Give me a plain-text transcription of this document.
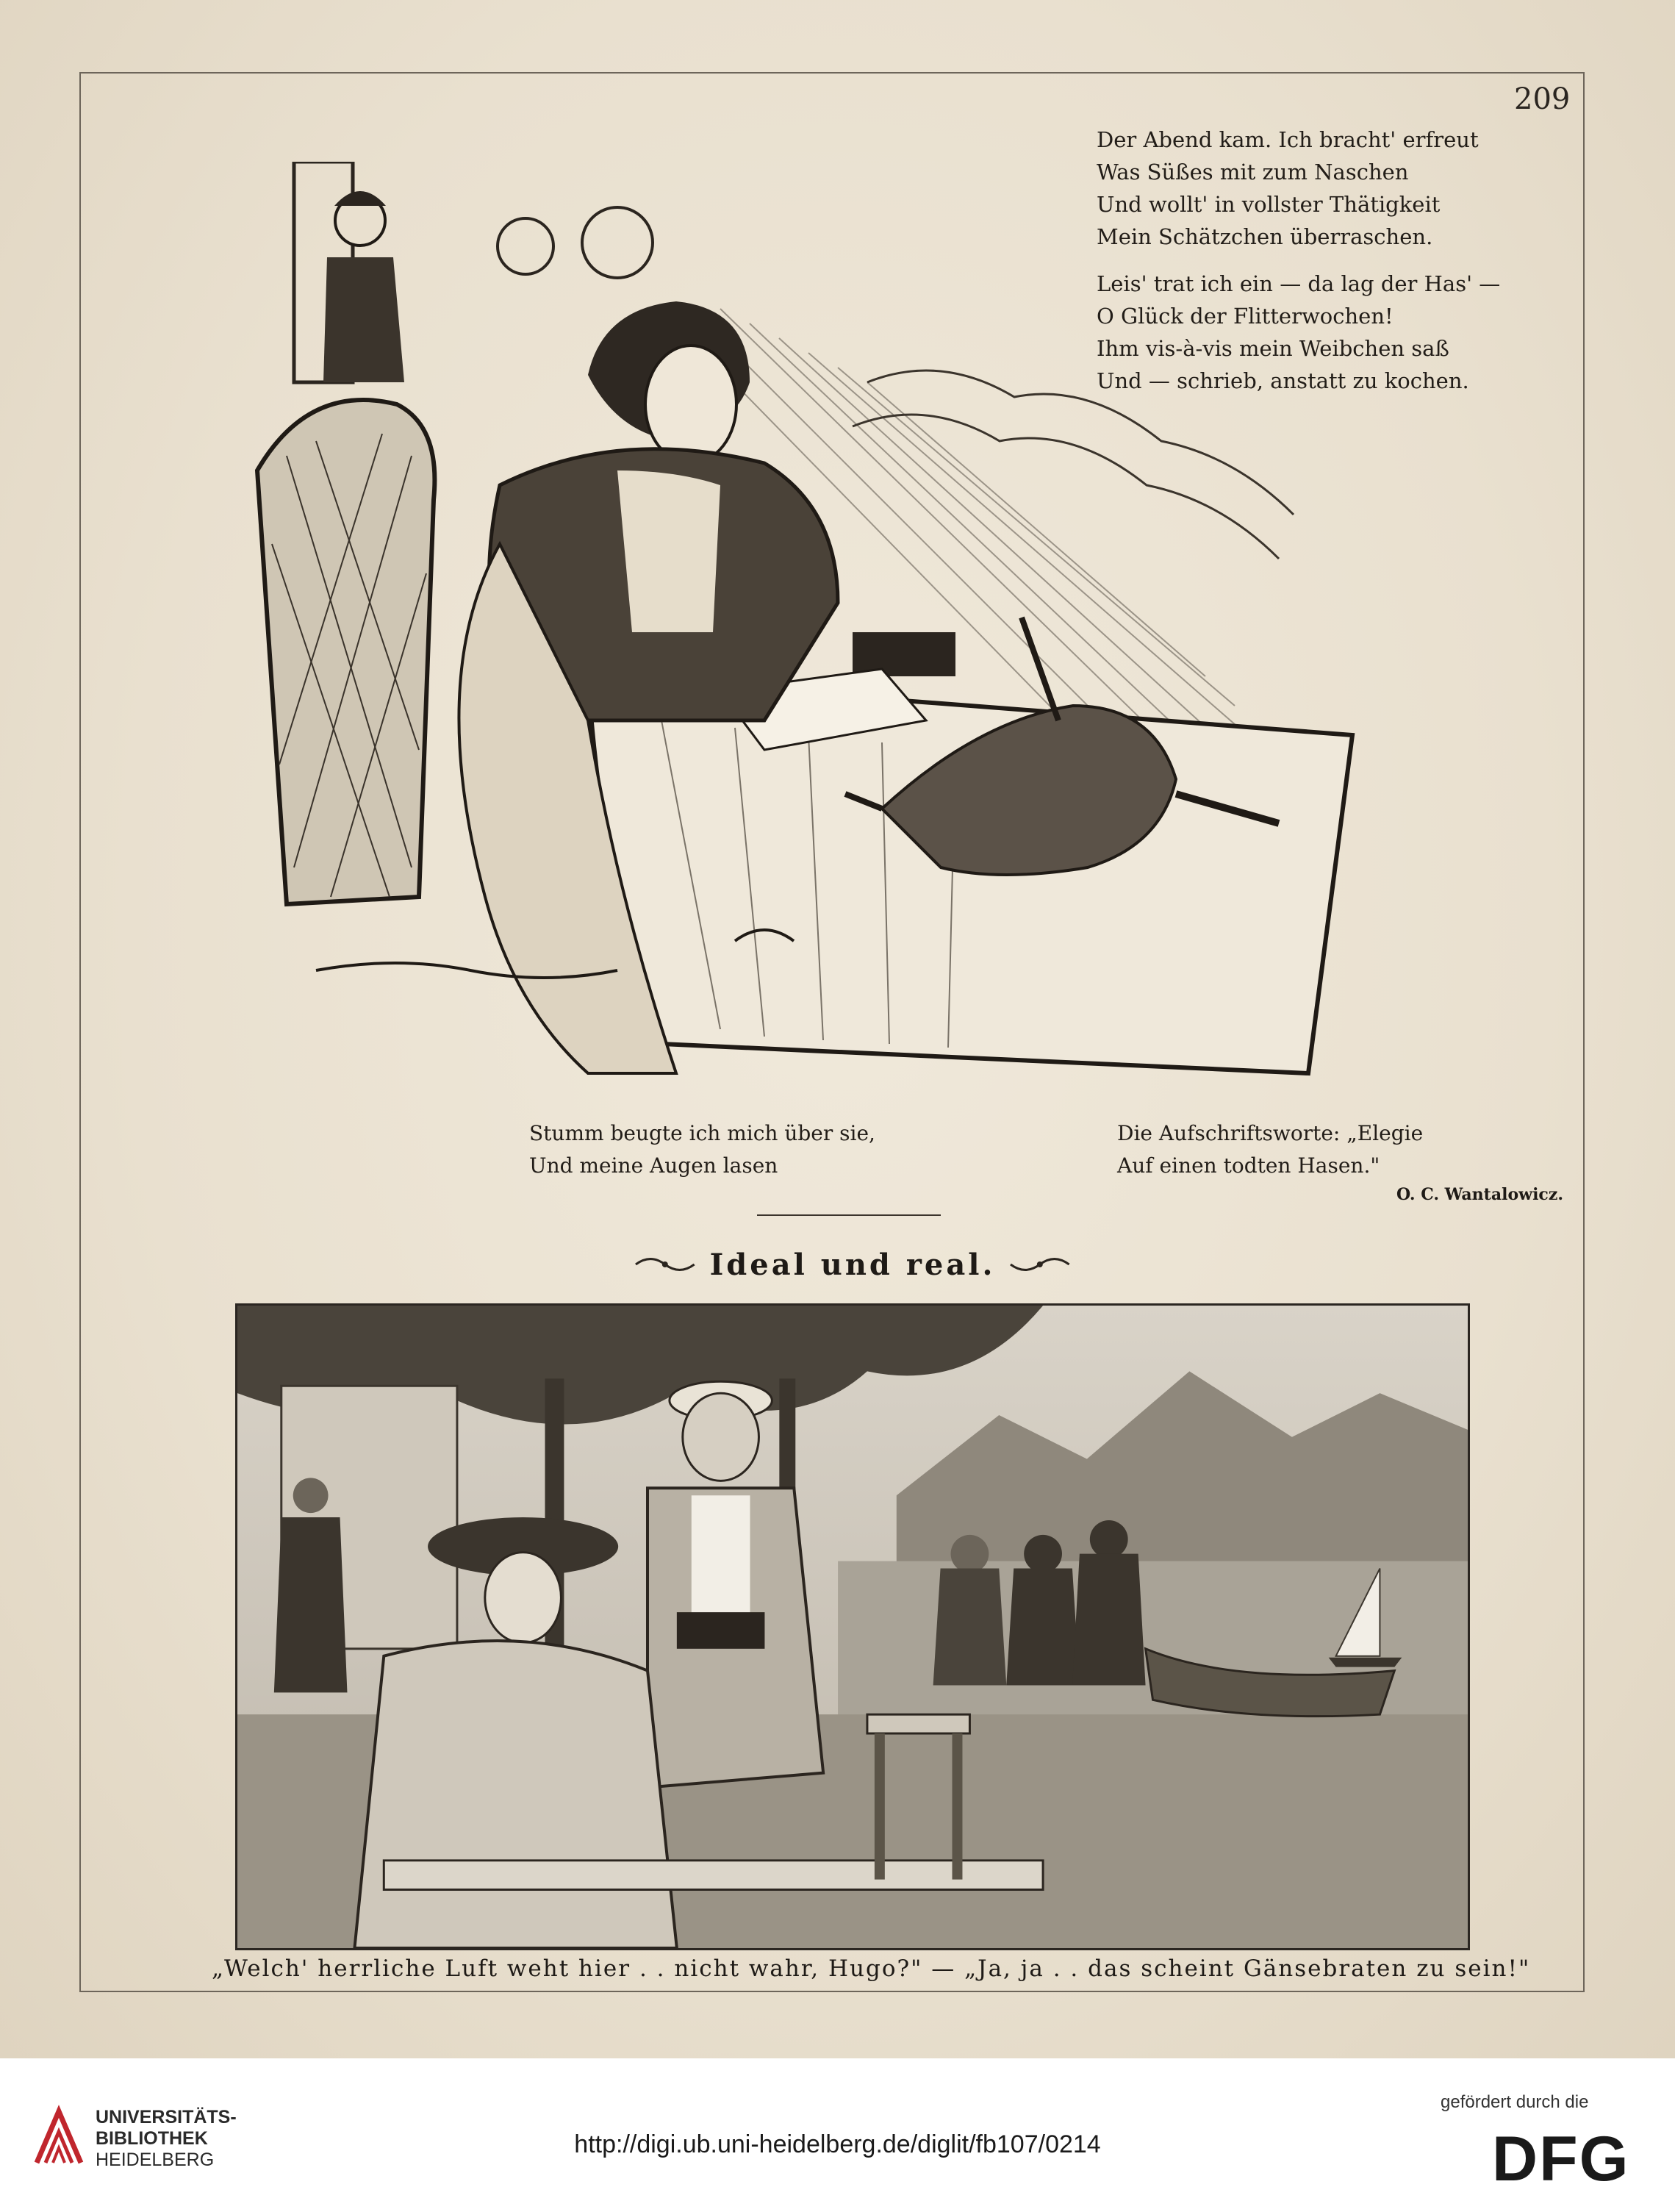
209
Der Abend kam. Ich bracht' erfreut
Was Süßes mit zum Naschen
Und wollt' in vollster Thätigkeit
Mein Schätzchen überraschen.
Leis' trat ich ein — da lag der Has' —
O Glück der Flitterwochen!
Ihm vis-à-vis mein Weibchen saß
Und — schrieb, anstatt zu kochen.
Stumm beugte ich mich über sie,
Und meine Augen lasen
Die Aufschriftsworte: „Elegie
Auf einen todten Hasen."
O. C. Wantalowicz.
Ideal und real.
„Welch' herrliche Luft weht hier . . nicht wahr, Hugo?" — „Ja, ja . . das scheint Gänsebraten zu sein!"
UNIVERSITÄTS-
BIBLIOTHEK
HEIDELBERG
http://digi.ub.uni-heidelberg.de/diglit/fb107/0214
gefördert durch die
DFG
